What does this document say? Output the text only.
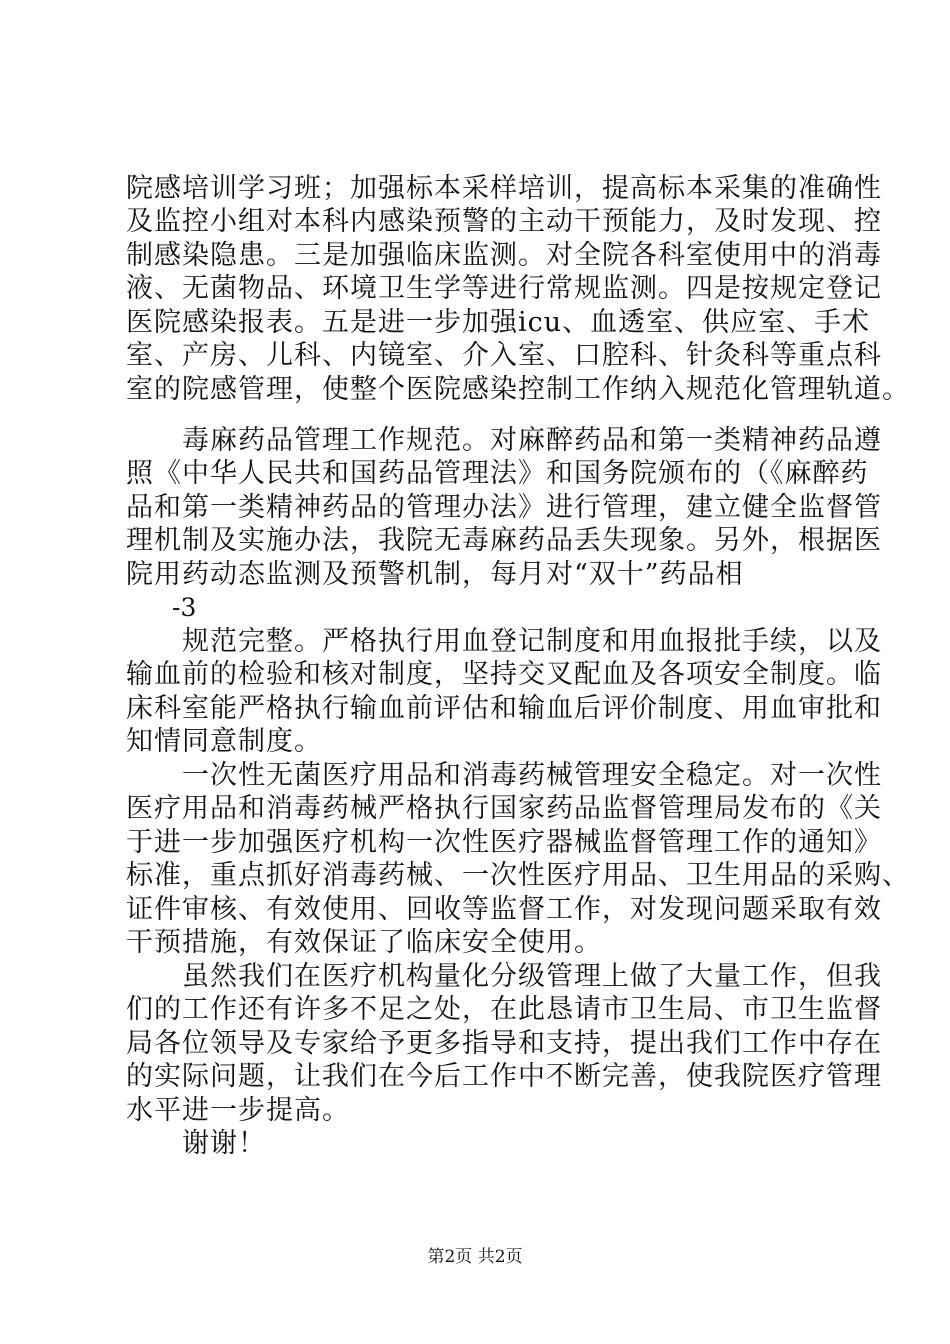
院感培训学习班；加强标本采样培训，提高标本采集的准确性
及监控小组对本科内感染预警的主动干预能力，及时发现、控
制感染隐患。三是加强临床监测。对全院各科室使用中的消毒
液、无菌物品、环境卫生学等进行常规监测。四是按规定登记
医院感染报表。五是进一步加强icu、血透室、供应室、手术
室、产房、儿科、内镜室、介入室、口腔科、针灸科等重点科
室的院感管理，使整个医院感染控制工作纳入规范化管理轨道。
毒麻药品管理工作规范。对麻醉药品和第一类精神药品遵
照《中华人民共和国药品管理法》和国务院颁布的（《麻醉药
品和第一类精神药品的管理办法》进行管理，建立健全监督管
理机制及实施办法，我院无毒麻药品丢失现象。另外，根据医
院用药动态监测及预警机制，每月对“双十”药品相
-3
规范完整。严格执行用血登记制度和用血报批手续，以及
输血前的检验和核对制度，坚持交叉配血及各项安全制度。临
床科室能严格执行输血前评估和输血后评价制度、用血审批和
知情同意制度。
一次性无菌医疗用品和消毒药械管理安全稳定。对一次性
医疗用品和消毒药械严格执行国家药品监督管理局发布的《关
于进一步加强医疗机构一次性医疗器械监督管理工作的通知》
标准，重点抓好消毒药械、一次性医疗用品、卫生用品的采购、
证件审核、有效使用、回收等监督工作，对发现问题采取有效
干预措施，有效保证了临床安全使用。
虽然我们在医疗机构量化分级管理上做了大量工作，但我
们的工作还有许多不足之处，在此恳请市卫生局、市卫生监督
局各位领导及专家给予更多指导和支持，提出我们工作中存在
的实际问题，让我们在今后工作中不断完善，使我院医疗管理
水平进一步提高。
谢谢！
第2页 共2页
